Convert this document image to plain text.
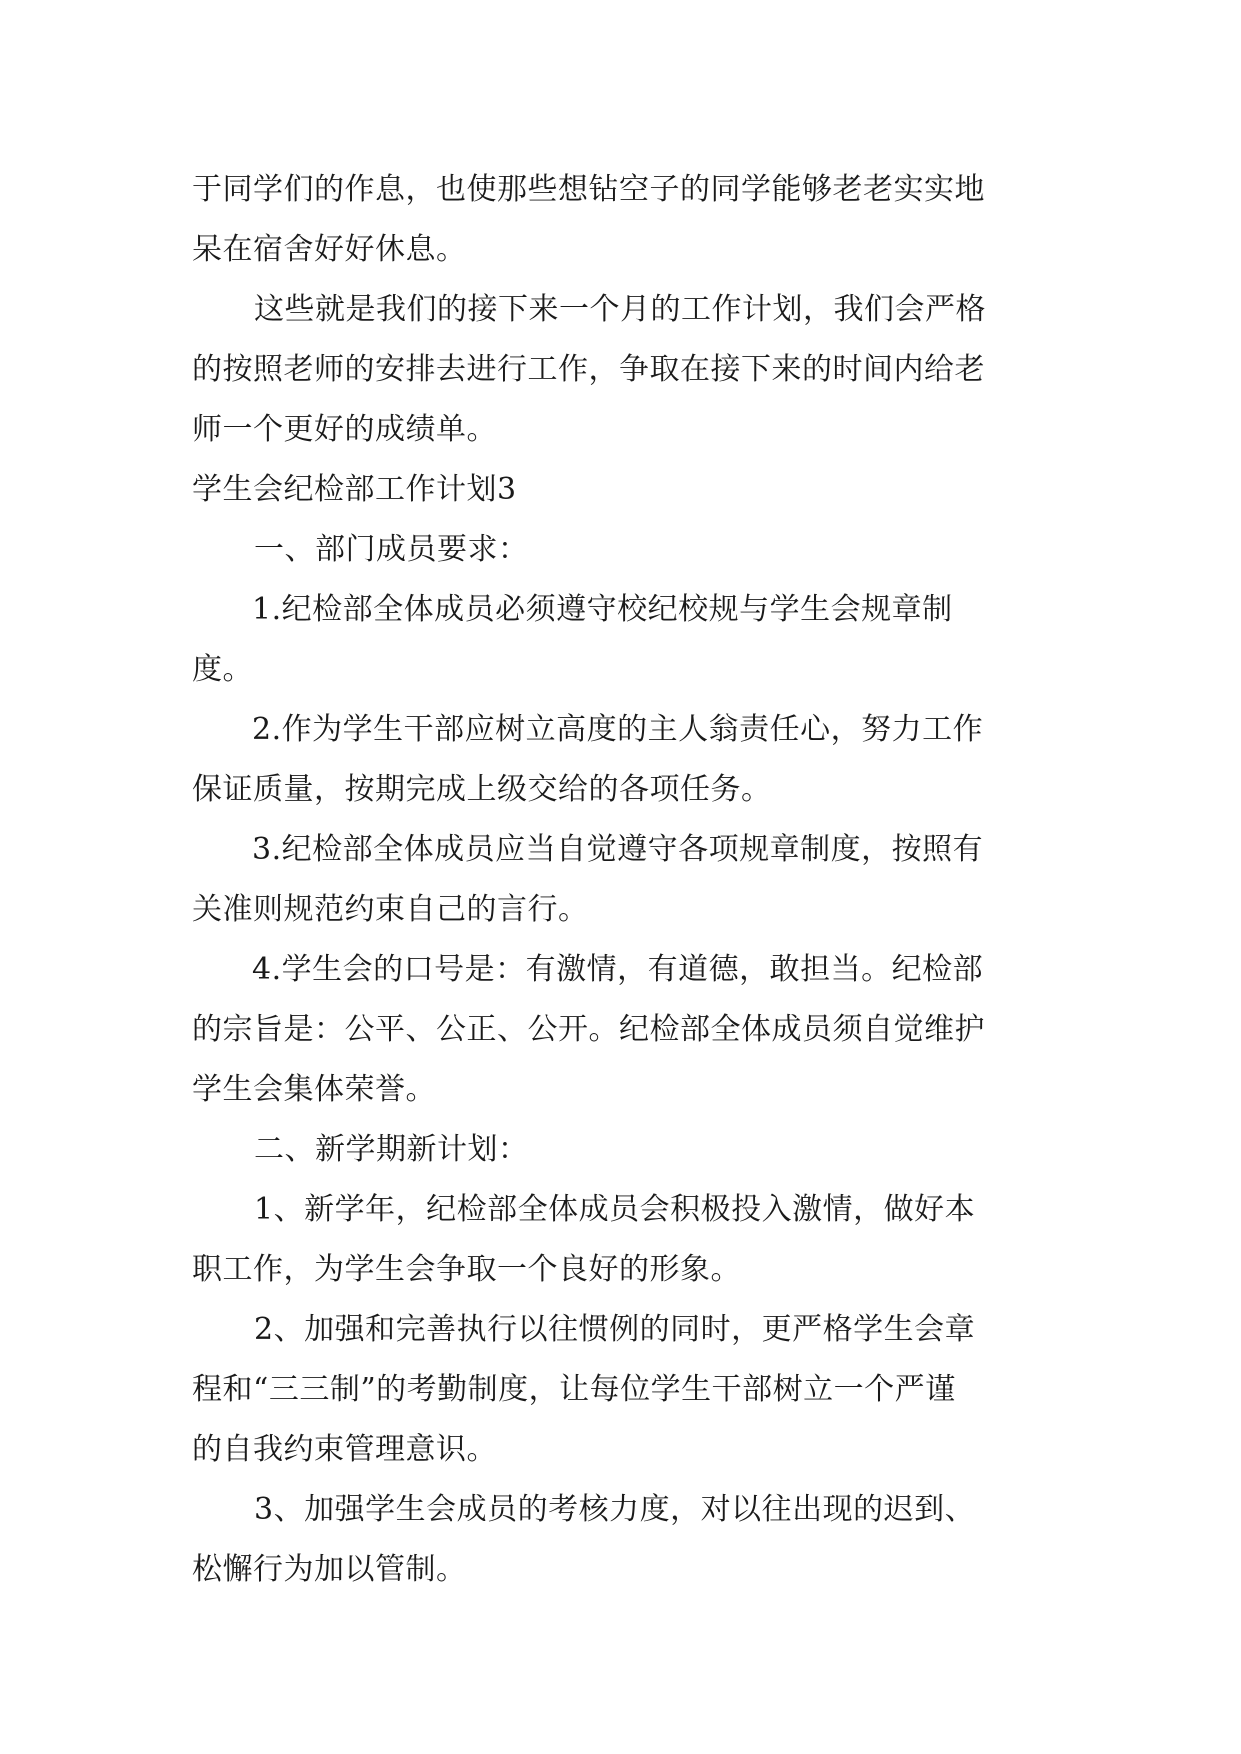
于同学们的作息，也使那些想钻空子的同学能够老老实实地
呆在宿舍好好休息。
这些就是我们的接下来一个月的工作计划，我们会严格
的按照老师的安排去进行工作，争取在接下来的时间内给老
师一个更好的成绩单。
学生会纪检部工作计划3
一、部门成员要求：
1.纪检部全体成员必须遵守校纪校规与学生会规章制
度。
2.作为学生干部应树立高度的主人翁责任心，努力工作
保证质量，按期完成上级交给的各项任务。
3.纪检部全体成员应当自觉遵守各项规章制度，按照有
关准则规范约束自己的言行。
4.学生会的口号是：有激情，有道德，敢担当。纪检部
的宗旨是：公平、公正、公开。纪检部全体成员须自觉维护
学生会集体荣誉。
二、新学期新计划：
1、新学年，纪检部全体成员会积极投入激情，做好本
职工作，为学生会争取一个良好的形象。
2、加强和完善执行以往惯例的同时，更严格学生会章
程和“三三制”的考勤制度，让每位学生干部树立一个严谨
的自我约束管理意识。
3、加强学生会成员的考核力度，对以往出现的迟到、
松懈行为加以管制。
